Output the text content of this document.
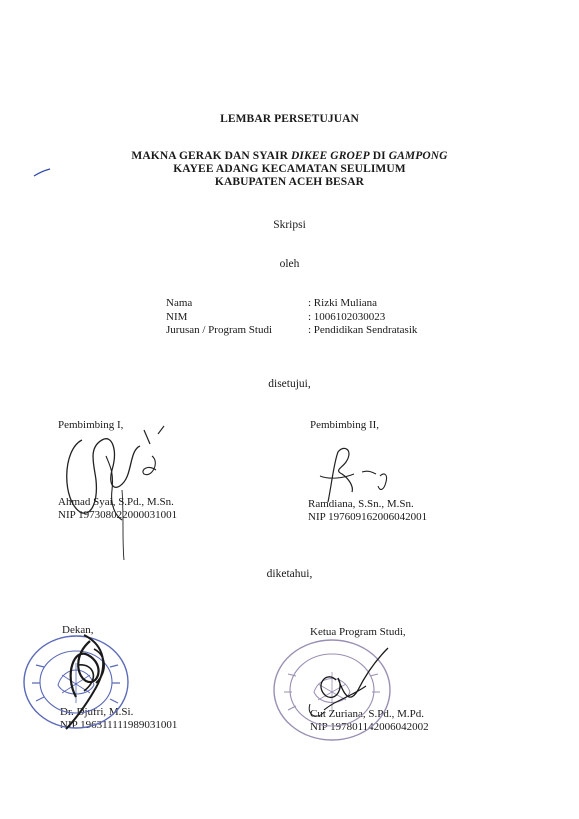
LEMBAR PERSETUJUAN
MAKNA GERAK DAN SYAIR DIKEE GROEP DI GAMPONG
KAYEE ADANG KECAMATAN SEULIMUM
KABUPATEN ACEH BESAR
Skripsi
oleh
Nama	: Rizki Muliana
NIM	: 1006102030023
Jurusan / Program Studi	: Pendidikan Sendratasik
disetujui,
Pembimbing I,
Ahmad Syai, S.Pd., M.Sn.
NIP 197308022000031001
Pembimbing II,
Ramdiana, S.Sn., M.Sn.
NIP 197609162006042001
diketahui,
Dekan,
Dr. Djufri, M.Si.
NIP 196311111989031001
Ketua Program Studi,
Cut Zuriana, S.Pd., M.Pd.
NIP 197801142006042002
